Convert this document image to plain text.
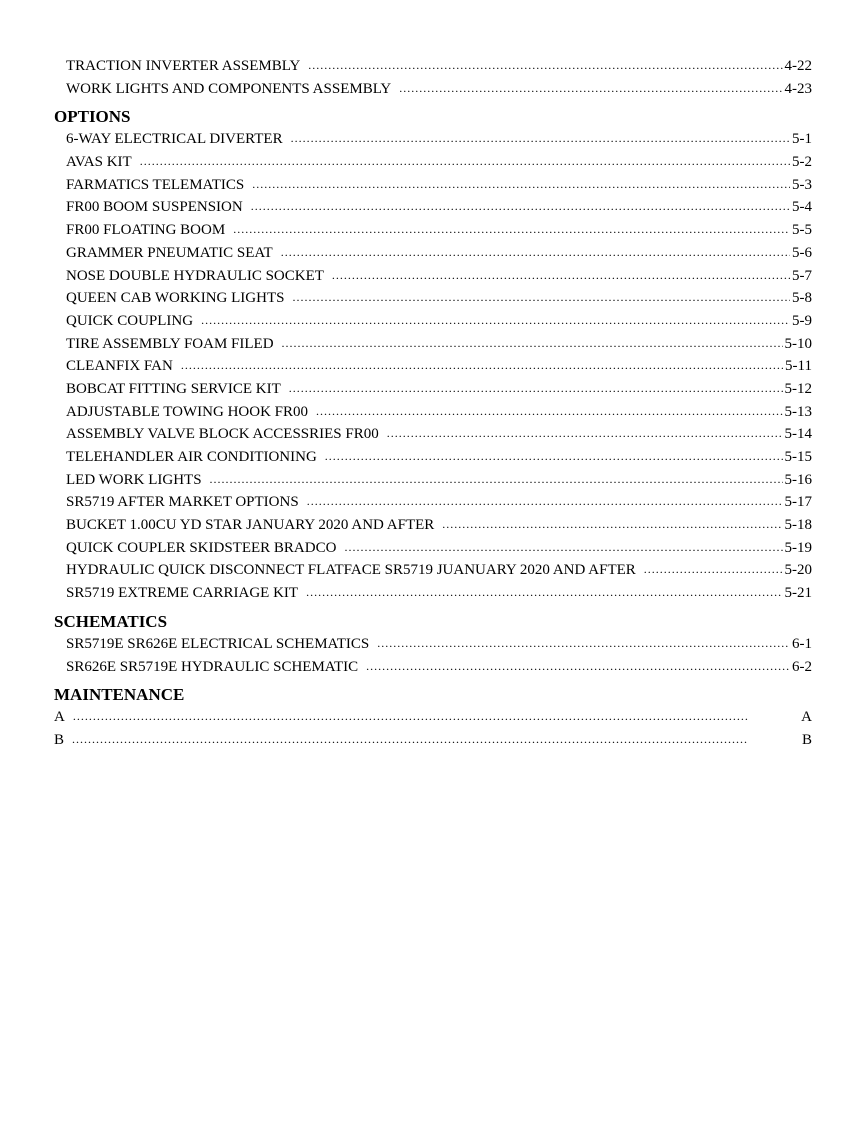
TRACTION INVERTER ASSEMBLY . . .	4-22
WORK LIGHTS AND COMPONENTS ASSEMBLY . . .	4-23
OPTIONS
6-WAY ELECTRICAL DIVERTER . . .	5-1
AVAS KIT . . .	5-2
FARMATICS TELEMATICS . . .	5-3
FR00 BOOM SUSPENSION . . .	5-4
FR00 FLOATING BOOM . . .	5-5
GRAMMER PNEUMATIC SEAT . . .	5-6
NOSE DOUBLE HYDRAULIC SOCKET . . .	5-7
QUEEN CAB WORKING LIGHTS . . .	5-8
QUICK COUPLING . . .	5-9
TIRE ASSEMBLY FOAM FILED . . .	5-10
CLEANFIX FAN . . .	5-11
BOBCAT FITTING SERVICE KIT . . .	5-12
ADJUSTABLE TOWING HOOK FR00 . . .	5-13
ASSEMBLY VALVE BLOCK ACCESSRIES FR00 . . .	5-14
TELEHANDLER AIR CONDITIONING . . .	5-15
LED WORK LIGHTS . . .	5-16
SR5719 AFTER MARKET OPTIONS . . .	5-17
BUCKET 1.00CU YD STAR JANUARY 2020 AND AFTER . . .	5-18
QUICK COUPLER SKIDSTEER BRADCO . . .	5-19
HYDRAULIC QUICK DISCONNECT FLATFACE SR5719 JUANUARY 2020 AND AFTER . . .	5-20
SR5719 EXTREME CARRIAGE KIT . . .	5-21
SCHEMATICS
SR5719E SR626E ELECTRICAL SCHEMATICS . . .	6-1
SR626E SR5719E HYDRAULIC SCHEMATIC . . .	6-2
MAINTENANCE
A . . .	A
B . . .	B
